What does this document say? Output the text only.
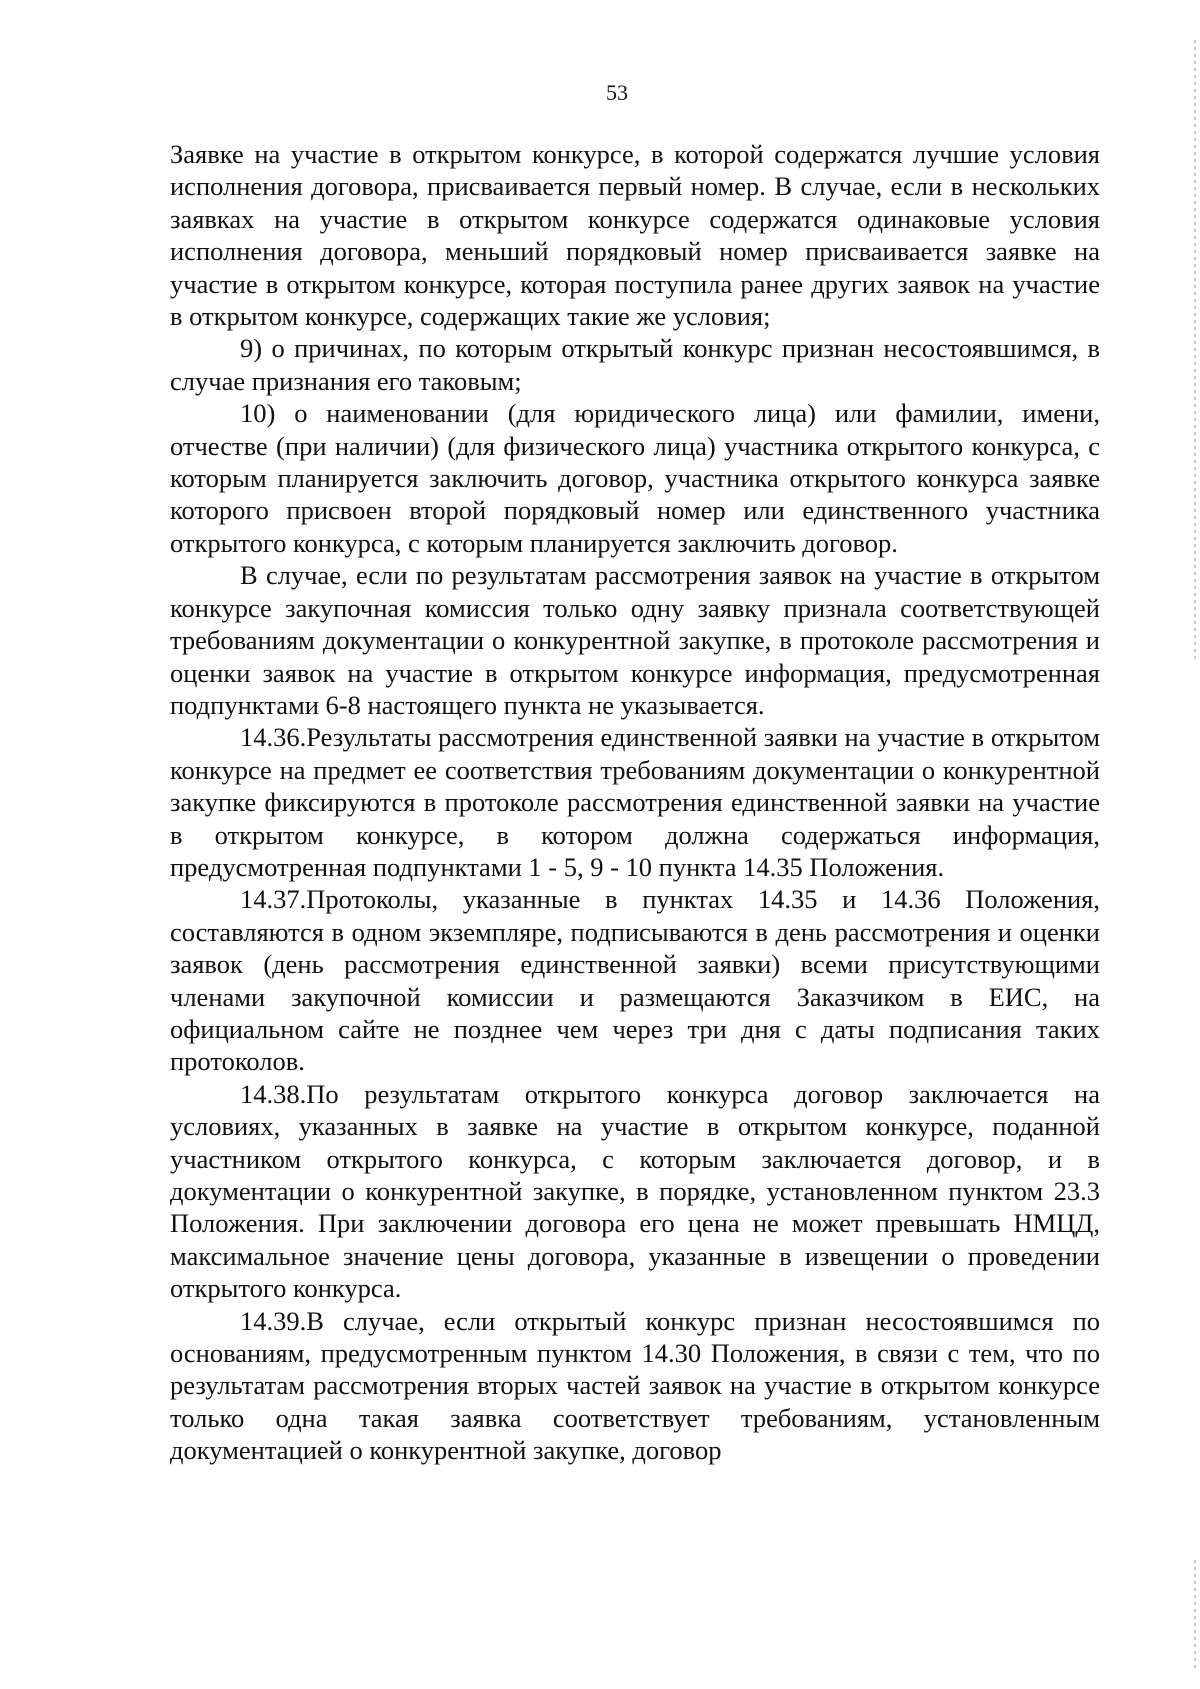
53

Заявке на участие в открытом конкурсе, в которой содержатся лучшие условия исполнения договора, присваивается первый номер. В случае, если в нескольких заявках на участие в открытом конкурсе содержатся одинаковые условия исполнения договора, меньший порядковый номер присваивается заявке на участие в открытом конкурсе, которая поступила ранее других заявок на участие в открытом конкурсе, содержащих такие же условия;

9) о причинах, по которым открытый конкурс признан несостоявшимся, в случае признания его таковым;

10) о наименовании (для юридического лица) или фамилии, имени, отчестве (при наличии) (для физического лица) участника открытого конкурса, с которым планируется заключить договор, участника открытого конкурса заявке которого присвоен второй порядковый номер или единственного участника открытого конкурса, с которым планируется заключить договор.

В случае, если по результатам рассмотрения заявок на участие в открытом конкурсе закупочная комиссия только одну заявку признала соответствующей требованиям документации о конкурентной закупке, в протоколе рассмотрения и оценки заявок на участие в открытом конкурсе информация, предусмотренная подпунктами 6-8 настоящего пункта не указывается.

14.36.Результаты рассмотрения единственной заявки на участие в открытом конкурсе на предмет ее соответствия требованиям документации о конкурентной закупке фиксируются в протоколе рассмотрения единственной заявки на участие в открытом конкурсе, в котором должна содержаться информация, предусмотренная подпунктами 1 - 5, 9 - 10 пункта 14.35 Положения.

14.37.Протоколы, указанные в пунктах 14.35 и 14.36 Положения, составляются в одном экземпляре, подписываются в день рассмотрения и оценки заявок (день рассмотрения единственной заявки) всеми присутствующими членами закупочной комиссии и размещаются Заказчиком в ЕИС, на официальном сайте не позднее чем через три дня с даты подписания таких протоколов.

14.38.По результатам открытого конкурса договор заключается на условиях, указанных в заявке на участие в открытом конкурсе, поданной участником открытого конкурса, с которым заключается договор, и в документации о конкурентной закупке, в порядке, установленном пунктом 23.3 Положения. При заключении договора его цена не может превышать НМЦД, максимальное значение цены договора, указанные в извещении о проведении открытого конкурса.

14.39.В случае, если открытый конкурс признан несостоявшимся по основаниям, предусмотренным пунктом 14.30 Положения, в связи с тем, что по результатам рассмотрения вторых частей заявок на участие в открытом конкурсе только одна такая заявка соответствует требованиям, установленным документацией о конкурентной закупке, договор
